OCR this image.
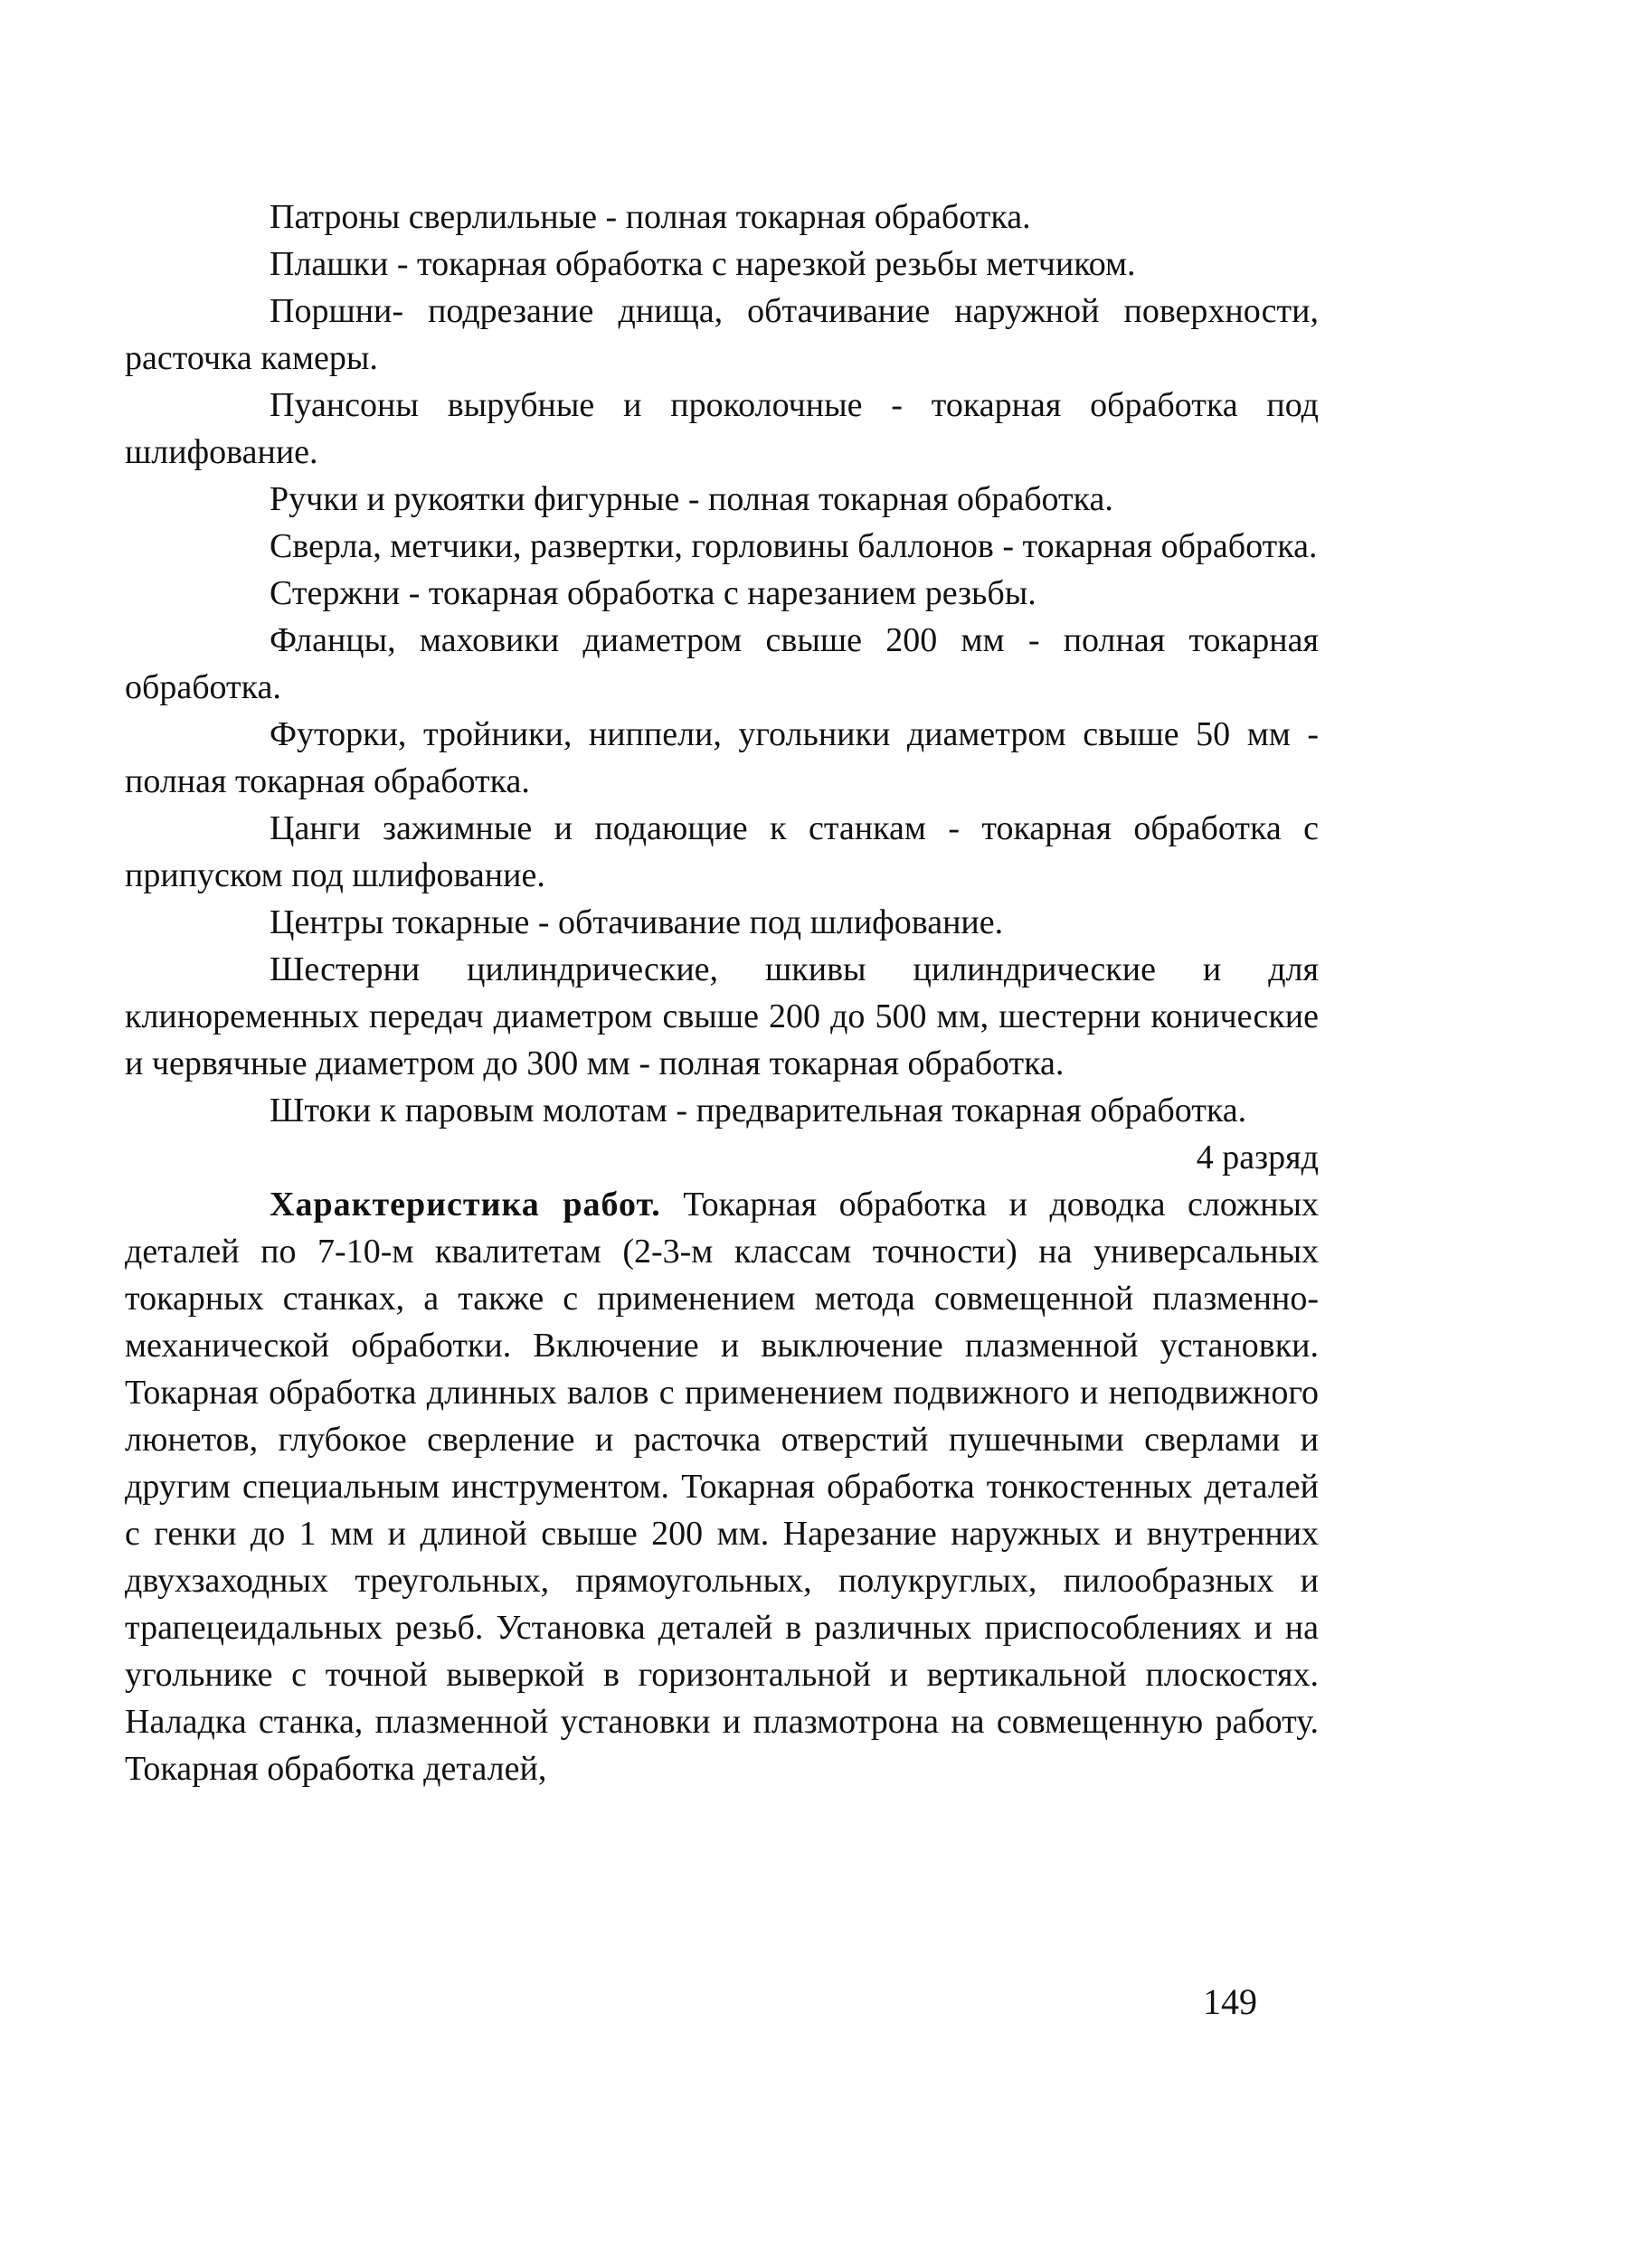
Патроны сверлильные - полная токарная обработка.

Плашки - токарная обработка с нарезкой резьбы метчиком.

Поршни- подрезание днища, обтачивание наружной поверхности, расточка камеры.

Пуансоны вырубные и проколочные - токарная обработка под шлифование.

Ручки и рукоятки фигурные - полная токарная обработка.

Сверла, метчики, развертки, горловины баллонов - токарная обработка.

Стержни - токарная обработка с нарезанием резьбы.

Фланцы, маховики диаметром свыше 200 мм - полная токарная обработка.

Футорки, тройники, ниппели, угольники диаметром свыше 50 мм - полная токарная обработка.

Цанги зажимные и подающие к станкам - токарная обработка с припуском под шлифование.

Центры токарные - обтачивание под шлифование.

Шестерни цилиндрические, шкивы цилиндрические и для клиноременных передач диаметром свыше 200 до 500 мм, шестерни конические и червячные диаметром до 300 мм - полная токарная обработка.

Штоки к паровым молотам - предварительная токарная обработка.

4 разряд

Характеристика работ. Токарная обработка и доводка сложных деталей по 7-10-м квалитетам (2-3-м классам точности) на универсальных токарных станках, а также с применением метода совмещенной плазменно-механической обработки. Включение и выключение плазменной установки. Токарная обработка длинных валов с применением подвижного и неподвижного люнетов, глубокое сверление и расточка отверстий пушечными сверлами и другим специальным инструментом. Токарная обработка тонкостенных деталей с генки до 1 мм и длиной свыше 200 мм. Нарезание наружных и внутренних двухзаходных треугольных, прямоугольных, полукруглых, пилообразных и трапецеидальных резьб. Установка деталей в различных приспособлениях и на угольнике с точной выверкой в горизонтальной и вертикальной плоскостях. Наладка станка, плазменной установки и плазмотрона на совмещенную работу. Токарная обработка деталей,

149
